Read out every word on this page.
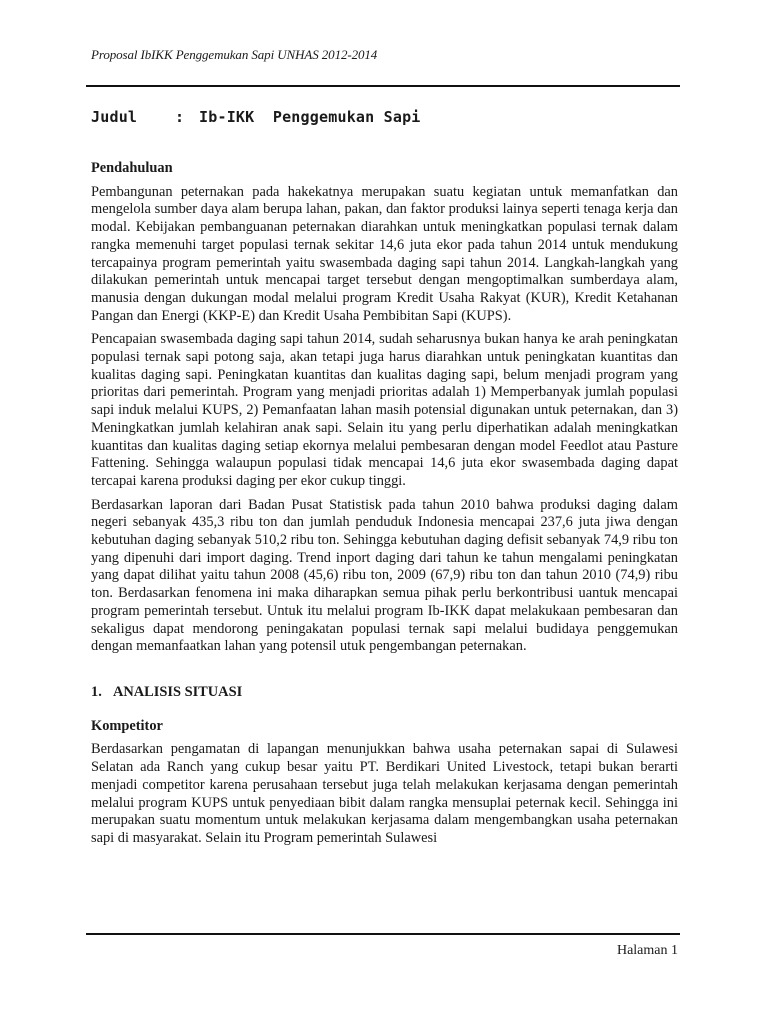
Proposal IbIKK Penggemukan Sapi UNHAS 2012-2014
Judul	: Ib-IKK  Penggemukan Sapi
Pendahuluan

Pembangunan peternakan pada hakekatnya merupakan suatu kegiatan untuk memanfatkan dan mengelola sumber daya alam berupa lahan, pakan, dan faktor produksi lainya seperti tenaga kerja dan modal. Kebijakan pembanguanan peternakan diarahkan untuk meningkatkan populasi ternak dalam rangka memenuhi target populasi ternak sekitar 14,6 juta ekor pada tahun 2014 untuk mendukung tercapainya program pemerintah yaitu swasembada daging sapi tahun 2014. Langkah-langkah yang dilakukan pemerintah untuk mencapai target tersebut dengan mengoptimalkan sumberdaya alam, manusia dengan dukungan modal melalui program Kredit Usaha Rakyat (KUR), Kredit Ketahanan Pangan dan Energi (KKP-E) dan Kredit Usaha Pembibitan Sapi (KUPS).

Pencapaian swasembada daging sapi tahun 2014, sudah seharusnya bukan hanya ke arah peningkatan populasi ternak sapi potong saja, akan tetapi juga harus diarahkan untuk peningkatan kuantitas dan kualitas daging sapi. Peningkatan kuantitas dan kualitas daging sapi, belum menjadi program yang prioritas dari pemerintah. Program yang menjadi prioritas adalah 1) Memperbanyak jumlah populasi sapi induk melalui KUPS, 2) Pemanfaatan lahan masih potensial digunakan untuk peternakan, dan 3) Meningkatkan jumlah kelahiran anak sapi. Selain itu yang perlu diperhatikan adalah meningkatkan kuantitas dan kualitas daging setiap ekornya melalui pembesaran dengan model Feedlot atau Pasture Fattening. Sehingga walaupun populasi tidak mencapai 14,6 juta ekor swasembada daging dapat tercapai karena produksi daging per ekor cukup tinggi.

Berdasarkan laporan dari Badan Pusat Statistisk pada tahun 2010 bahwa produksi daging dalam negeri sebanyak 435,3 ribu ton dan jumlah penduduk Indonesia mencapai 237,6 juta jiwa dengan kebutuhan daging sebanyak 510,2 ribu ton. Sehingga kebutuhan daging defisit sebanyak 74,9 ribu ton yang dipenuhi dari import daging. Trend inport daging dari tahun ke tahun mengalami peningkatan yang dapat dilihat yaitu tahun 2008 (45,6) ribu ton, 2009 (67,9) ribu ton dan tahun 2010 (74,9) ribu ton. Berdasarkan fenomena ini maka diharapkan semua pihak perlu berkontribusi uantuk mencapai program pemerintah tersebut. Untuk itu melalui program Ib-IKK dapat melakukaan pembesaran dan sekaligus dapat mendorong peningakatan populasi ternak sapi melalui budidaya penggemukan dengan memanfaatkan lahan yang potensil utuk pengembangan peternakan.

1. ANALISIS SITUASI
Kompetitor

Berdasarkan pengamatan di lapangan menunjukkan bahwa usaha peternakan sapai di Sulawesi Selatan ada Ranch yang cukup besar yaitu PT. Berdikari United Livestock, tetapi bukan berarti menjadi competitor karena perusahaan tersebut juga telah melakukan kerjasama dengan pemerintah melalui program KUPS untuk penyediaan bibit dalam rangka mensuplai peternak kecil. Sehingga ini merupakan suatu momentum untuk melakukan kerjasama dalam mengembangkan usaha peternakan sapi di masyarakat. Selain itu Program pemerintah Sulawesi

Halaman 1
